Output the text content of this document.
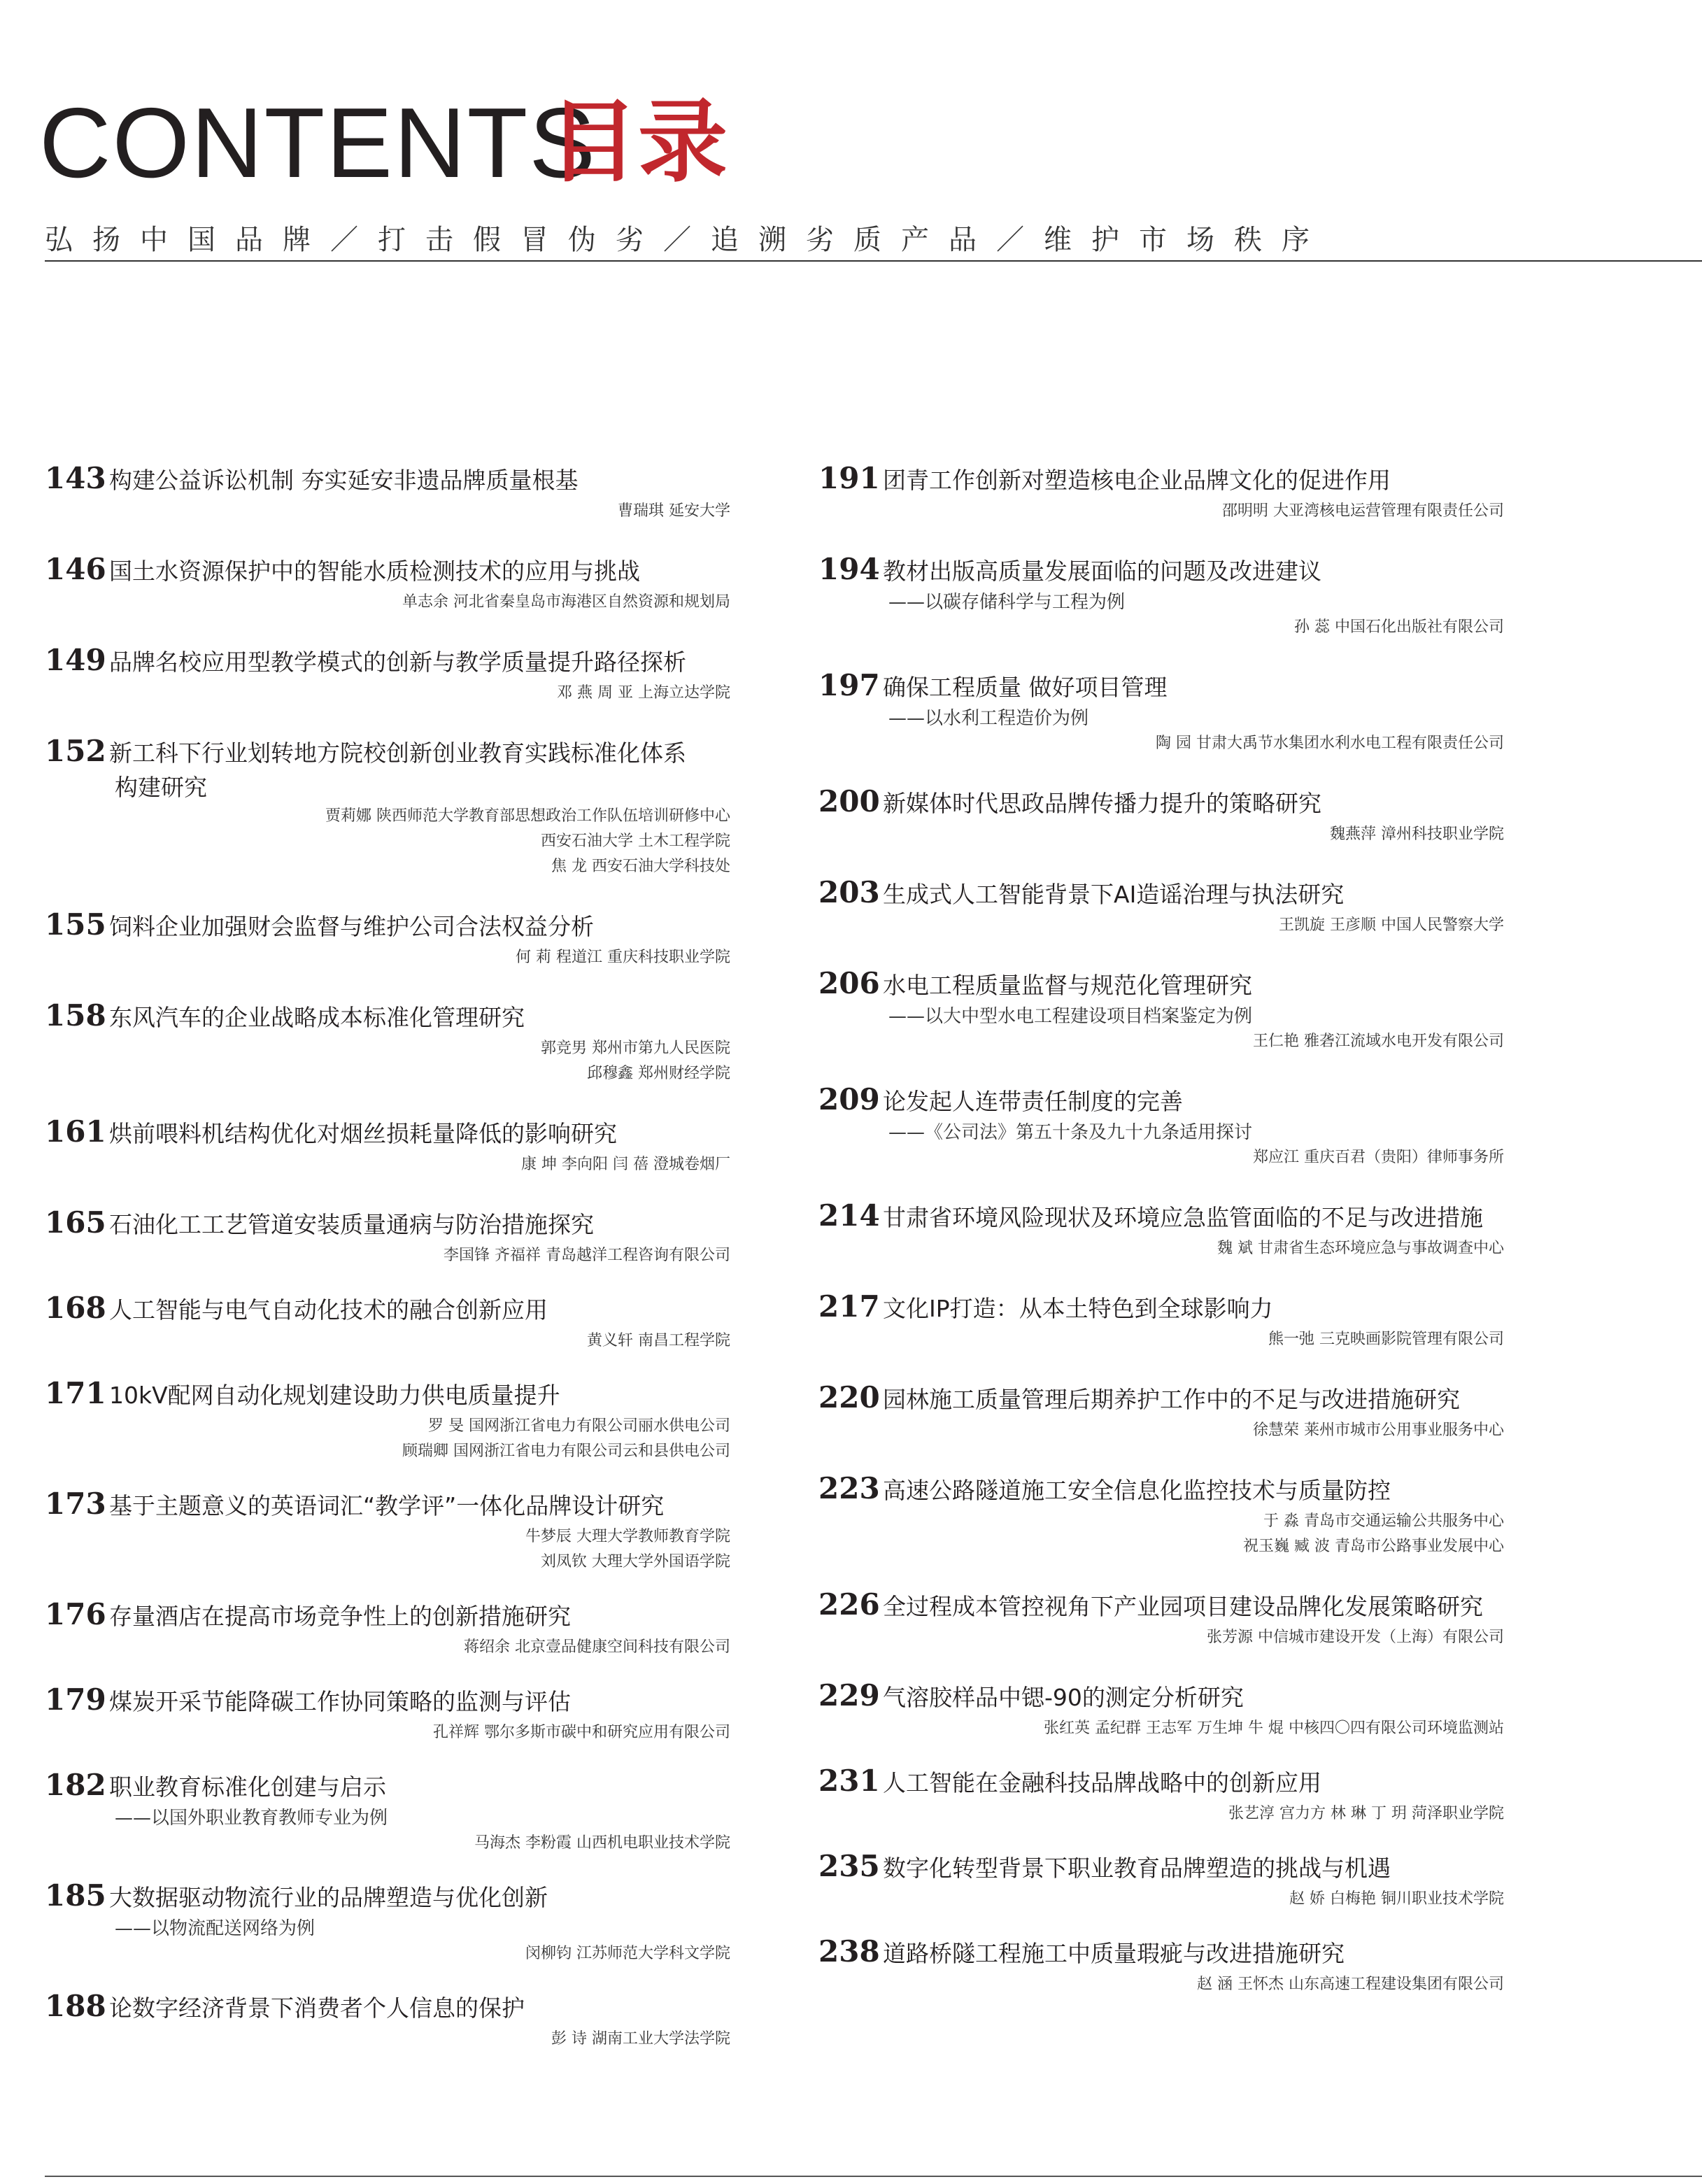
CONTENTS
目录
弘扬中国品牌／打击假冒伪劣／追溯劣质产品／维护市场秩序
143 构建公益诉讼机制 夯实延安非遗品牌质量根基
曹瑞琪 延安大学
146 国土水资源保护中的智能水质检测技术的应用与挑战
单志余 河北省秦皇岛市海港区自然资源和规划局
149 品牌名校应用型教学模式的创新与教学质量提升路径探析
邓 燕 周 亚 上海立达学院
152 新工科下行业划转地方院校创新创业教育实践标准化体系
构建研究
贾莉娜 陕西师范大学教育部思想政治工作队伍培训研修中心
西安石油大学 土木工程学院
焦 龙 西安石油大学科技处
155 饲料企业加强财会监督与维护公司合法权益分析
何 莉 程道江 重庆科技职业学院
158 东风汽车的企业战略成本标准化管理研究
郭竞男 郑州市第九人民医院
邱穆鑫 郑州财经学院
161 烘前喂料机结构优化对烟丝损耗量降低的影响研究
康 坤 李向阳 闫 蓓 澄城卷烟厂
165 石油化工工艺管道安装质量通病与防治措施探究
李国锋 齐福祥 青岛越洋工程咨询有限公司
168 人工智能与电气自动化技术的融合创新应用
黄义轩 南昌工程学院
171 10kV配网自动化规划建设助力供电质量提升
罗 旻 国网浙江省电力有限公司丽水供电公司
顾瑞卿 国网浙江省电力有限公司云和县供电公司
173 基于主题意义的英语词汇“教学评”一体化品牌设计研究
牛梦辰 大理大学教师教育学院
刘凤钦 大理大学外国语学院
176 存量酒店在提高市场竞争性上的创新措施研究
蒋绍余 北京壹品健康空间科技有限公司
179 煤炭开采节能降碳工作协同策略的监测与评估
孔祥辉 鄂尔多斯市碳中和研究应用有限公司
182 职业教育标准化创建与启示
——以国外职业教育教师专业为例
马海杰 李粉霞 山西机电职业技术学院
185 大数据驱动物流行业的品牌塑造与优化创新
——以物流配送网络为例
闵柳钧 江苏师范大学科文学院
188 论数字经济背景下消费者个人信息的保护
彭 诗 湖南工业大学法学院
191 团青工作创新对塑造核电企业品牌文化的促进作用
邵明明 大亚湾核电运营管理有限责任公司
194 教材出版高质量发展面临的问题及改进建议
——以碳存储科学与工程为例
孙 蕊 中国石化出版社有限公司
197 确保工程质量 做好项目管理
——以水利工程造价为例
陶 园 甘肃大禹节水集团水利水电工程有限责任公司
200 新媒体时代思政品牌传播力提升的策略研究
魏燕萍 漳州科技职业学院
203 生成式人工智能背景下AI造谣治理与执法研究
王凯旋 王彦顺 中国人民警察大学
206 水电工程质量监督与规范化管理研究
——以大中型水电工程建设项目档案鉴定为例
王仁艳 雅砻江流域水电开发有限公司
209 论发起人连带责任制度的完善
——《公司法》第五十条及九十九条适用探讨
郑应江 重庆百君（贵阳）律师事务所
214 甘肃省环境风险现状及环境应急监管面临的不足与改进措施
魏 斌 甘肃省生态环境应急与事故调查中心
217 文化IP打造：从本土特色到全球影响力
熊一弛 三克映画影院管理有限公司
220 园林施工质量管理后期养护工作中的不足与改进措施研究
徐慧荣 莱州市城市公用事业服务中心
223 高速公路隧道施工安全信息化监控技术与质量防控
于 淼 青岛市交通运输公共服务中心
祝玉巍 臧 波 青岛市公路事业发展中心
226 全过程成本管控视角下产业园项目建设品牌化发展策略研究
张芳源 中信城市建设开发（上海）有限公司
229 气溶胶样品中锶-90的测定分析研究
张红英 孟纪群 王志军 万生坤 牛 焜 中核四〇四有限公司环境监测站
231 人工智能在金融科技品牌战略中的创新应用
张艺淳 宫力方 林 琳 丁 玥 菏泽职业学院
235 数字化转型背景下职业教育品牌塑造的挑战与机遇
赵 娇 白梅艳 铜川职业技术学院
238 道路桥隧工程施工中质量瑕疵与改进措施研究
赵 涵 王怀杰 山东高速工程建设集团有限公司
